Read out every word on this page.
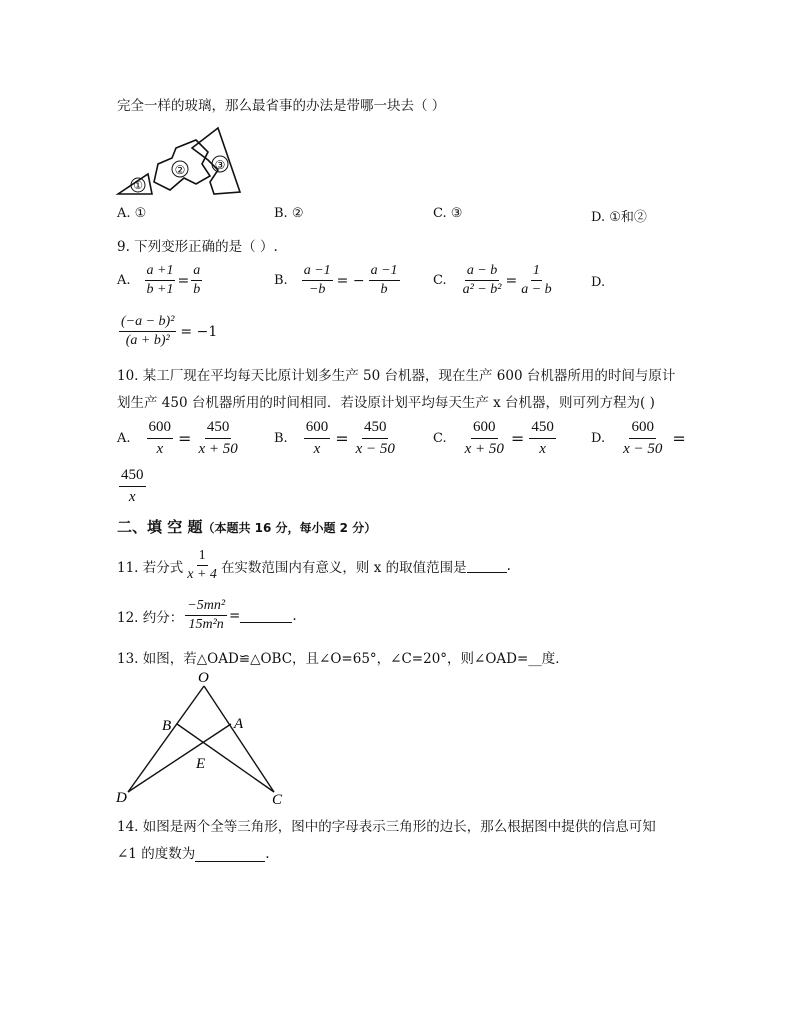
完全一样的玻璃，那么最省事的办法是带哪一块去（ ）
①
② ③
A. ①	B. ②	C. ③	D. ①和②
9. 下列变形正确的是（ ）.
A. $\frac{a +1}{b +1} = \frac{a}{b}$	B. $\frac{a -1}{-b}$ = − $\frac{a -1}{b}$	C. $\frac{a - b}{\text{a² − b²}} = \frac{1}{a - b}$	D.
$\frac{\text{(−a − b)²}}{\text{(a + b)²}} = -1$
10. 某工厂现在平均每天比原计划多生产 50 台机器，现在生产 600 台机器所用的时间与原计
划生产 450 台机器所用的时间相同．若设原计划平均每天生产 x 台机器，则可列方程为( )
A. $\frac{600}{x} = \frac{450}{x + 50}$	B. $\frac{600}{x} = \frac{450}{x - 50}$	C. $\frac{600}{x + 50} = \frac{450}{x}$	D. $\frac{600}{x - 50}$ =
$\frac{450}{x}$
二、填 空 题（本题共 16 分，每小题 2 分）
11. 若分式 $\frac{1}{x + 4}$ 在实数范围内有意义，则 x 的取值范围是	.
12. 约分： $\frac{\text{−5mn²}}{\text{15m²n}}$ =	.
13. 如图，若△OAD≌△OBC，且∠O=65°，∠C=20°，则∠OAD=__度．
O
B	A
E
D	C
14. 如图是两个全等三角形，图中的字母表示三角形的边长，那么根据图中提供的信息可知
∠1 的度数为	.
